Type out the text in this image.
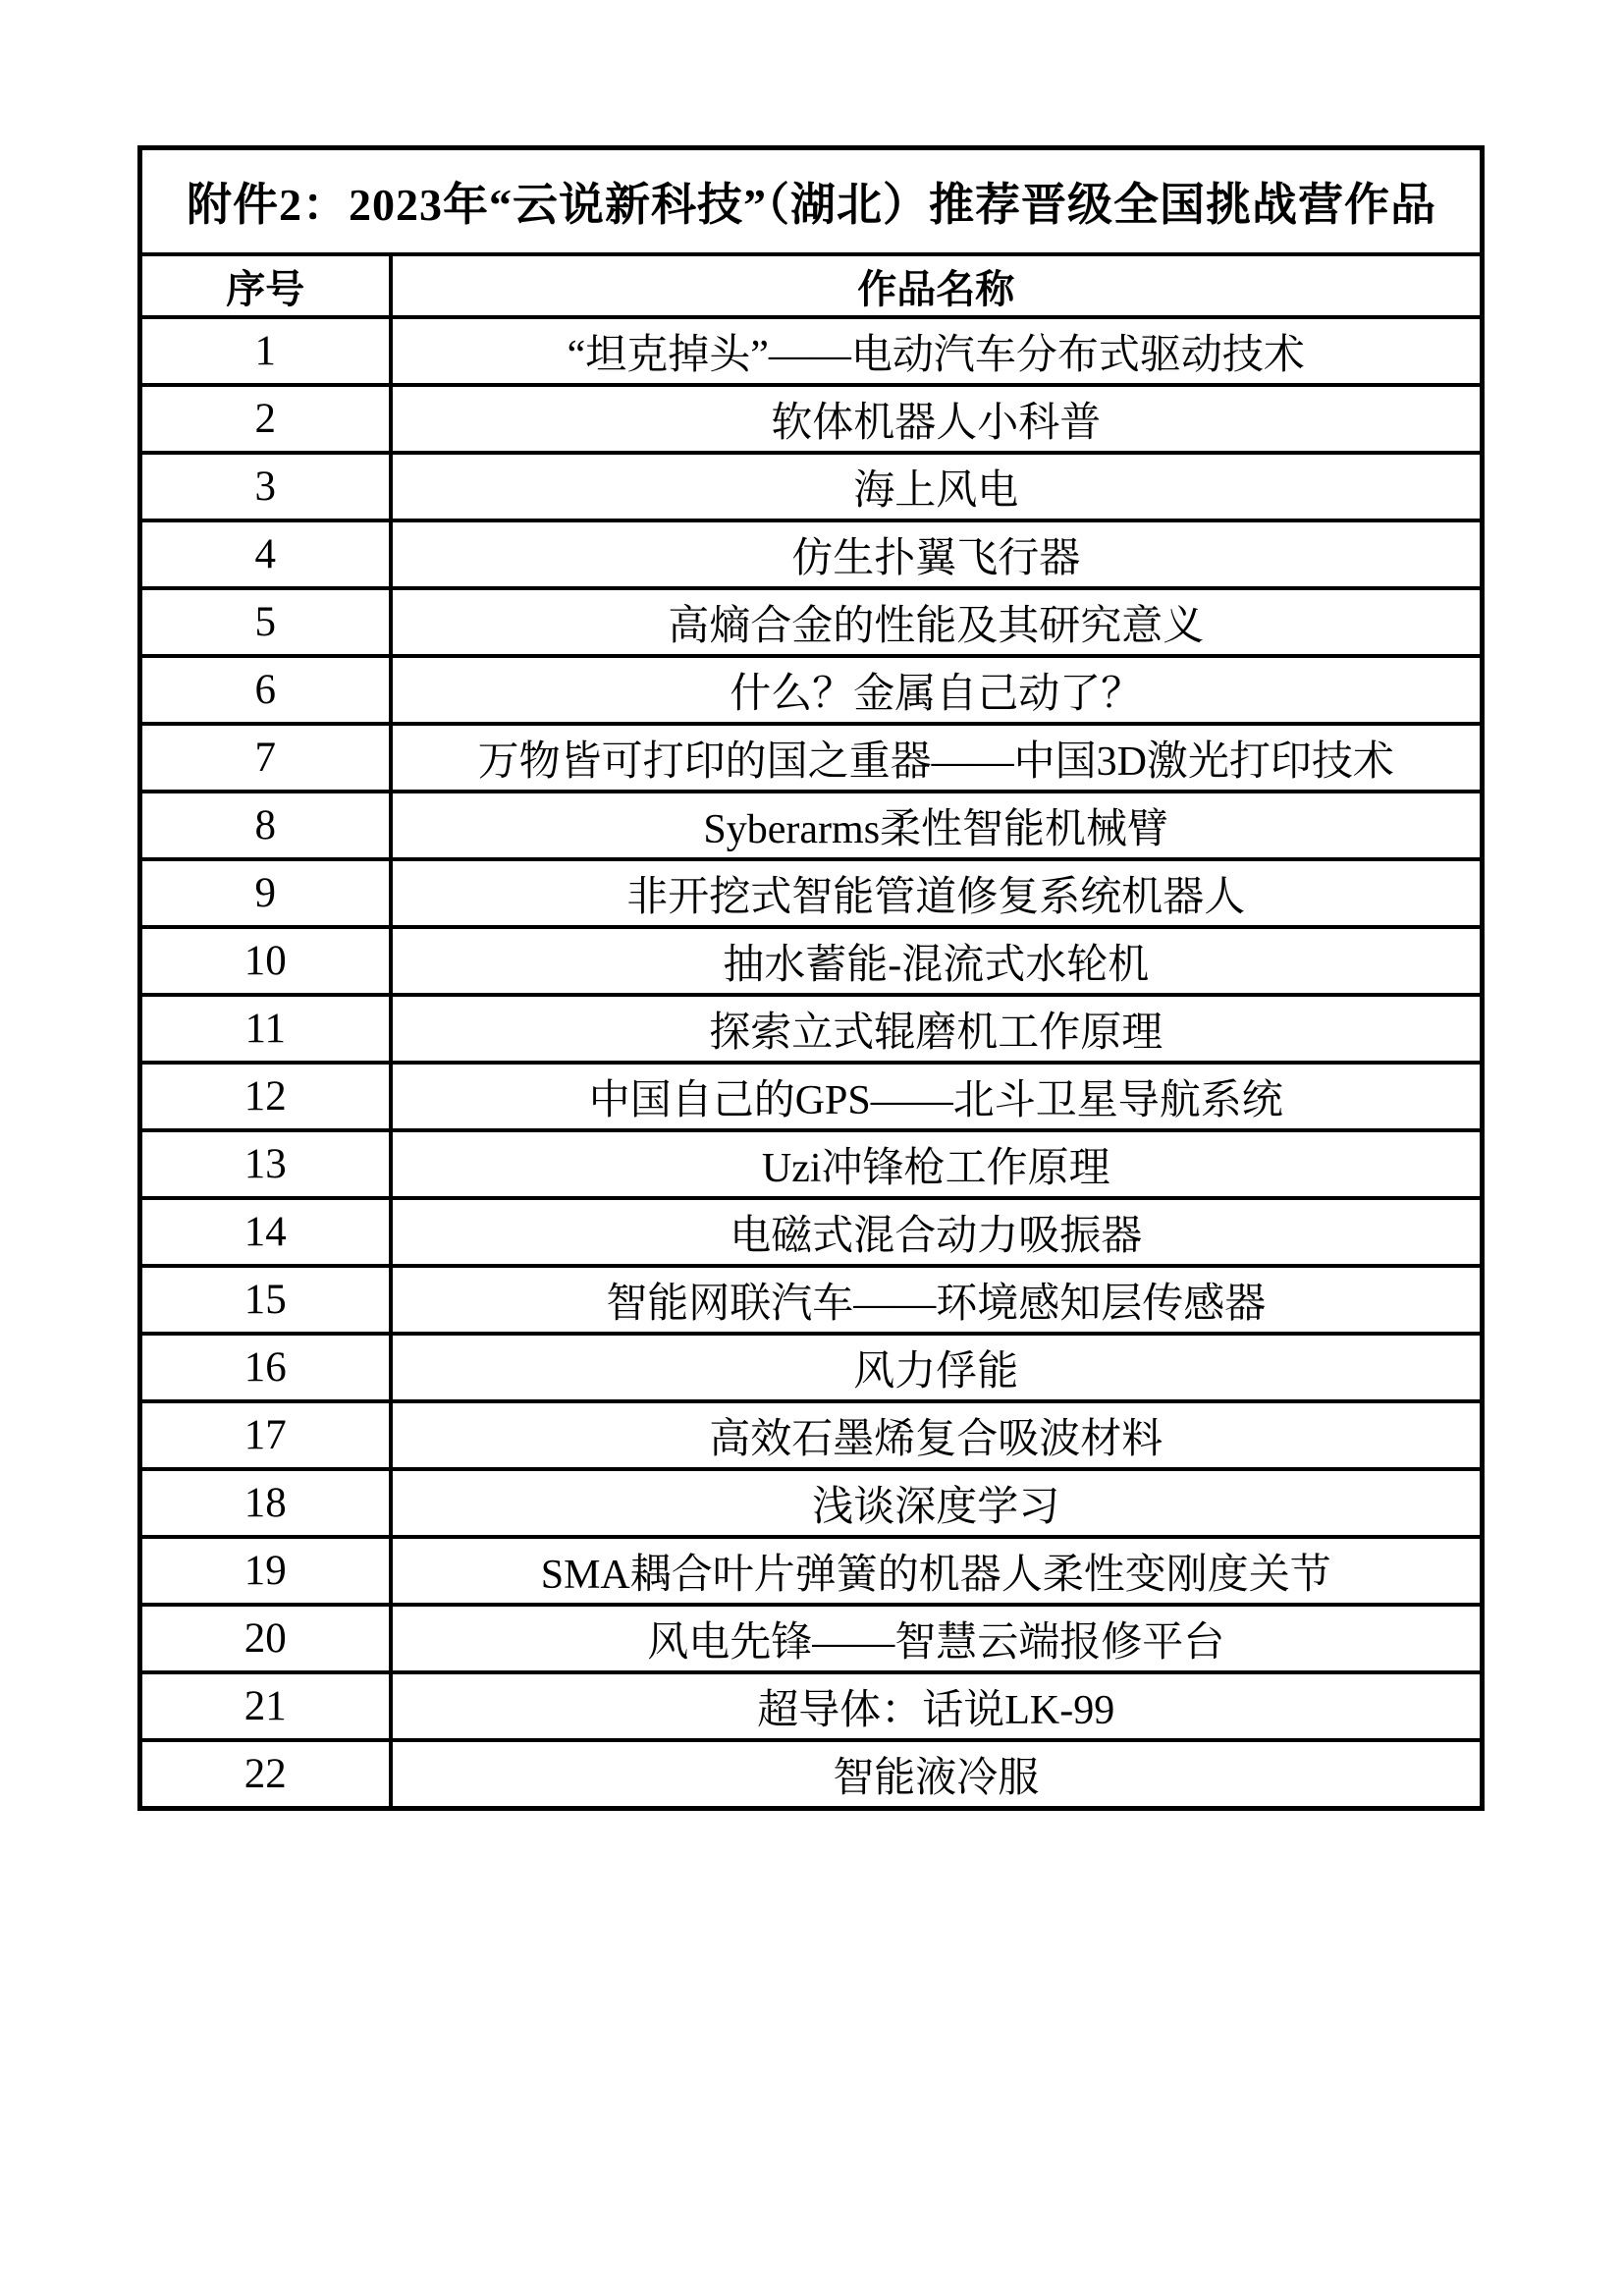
附件2：2023年“云说新科技”（湖北）推荐晋级全国挑战营作品	
序号	作品名称
1	“坦克掉头”——电动汽车分布式驱动技术
2	软体机器人小科普
3	海上风电
4	仿生扑翼飞行器
5	高熵合金的性能及其研究意义
6	什么？金属自己动了？
7	万物皆可打印的国之重器——中国3D激光打印技术
8	Syberarms柔性智能机械臂
9	非开挖式智能管道修复系统机器人
10	抽水蓄能-混流式水轮机
11	探索立式辊磨机工作原理
12	中国自己的GPS——北斗卫星导航系统
13	Uzi冲锋枪工作原理
14	电磁式混合动力吸振器
15	智能网联汽车——环境感知层传感器
16	风力俘能
17	高效石墨烯复合吸波材料
18	浅谈深度学习
19	SMA耦合叶片弹簧的机器人柔性变刚度关节
20	风电先锋——智慧云端报修平台
21	超导体：话说LK-99
22	智能液冷服
